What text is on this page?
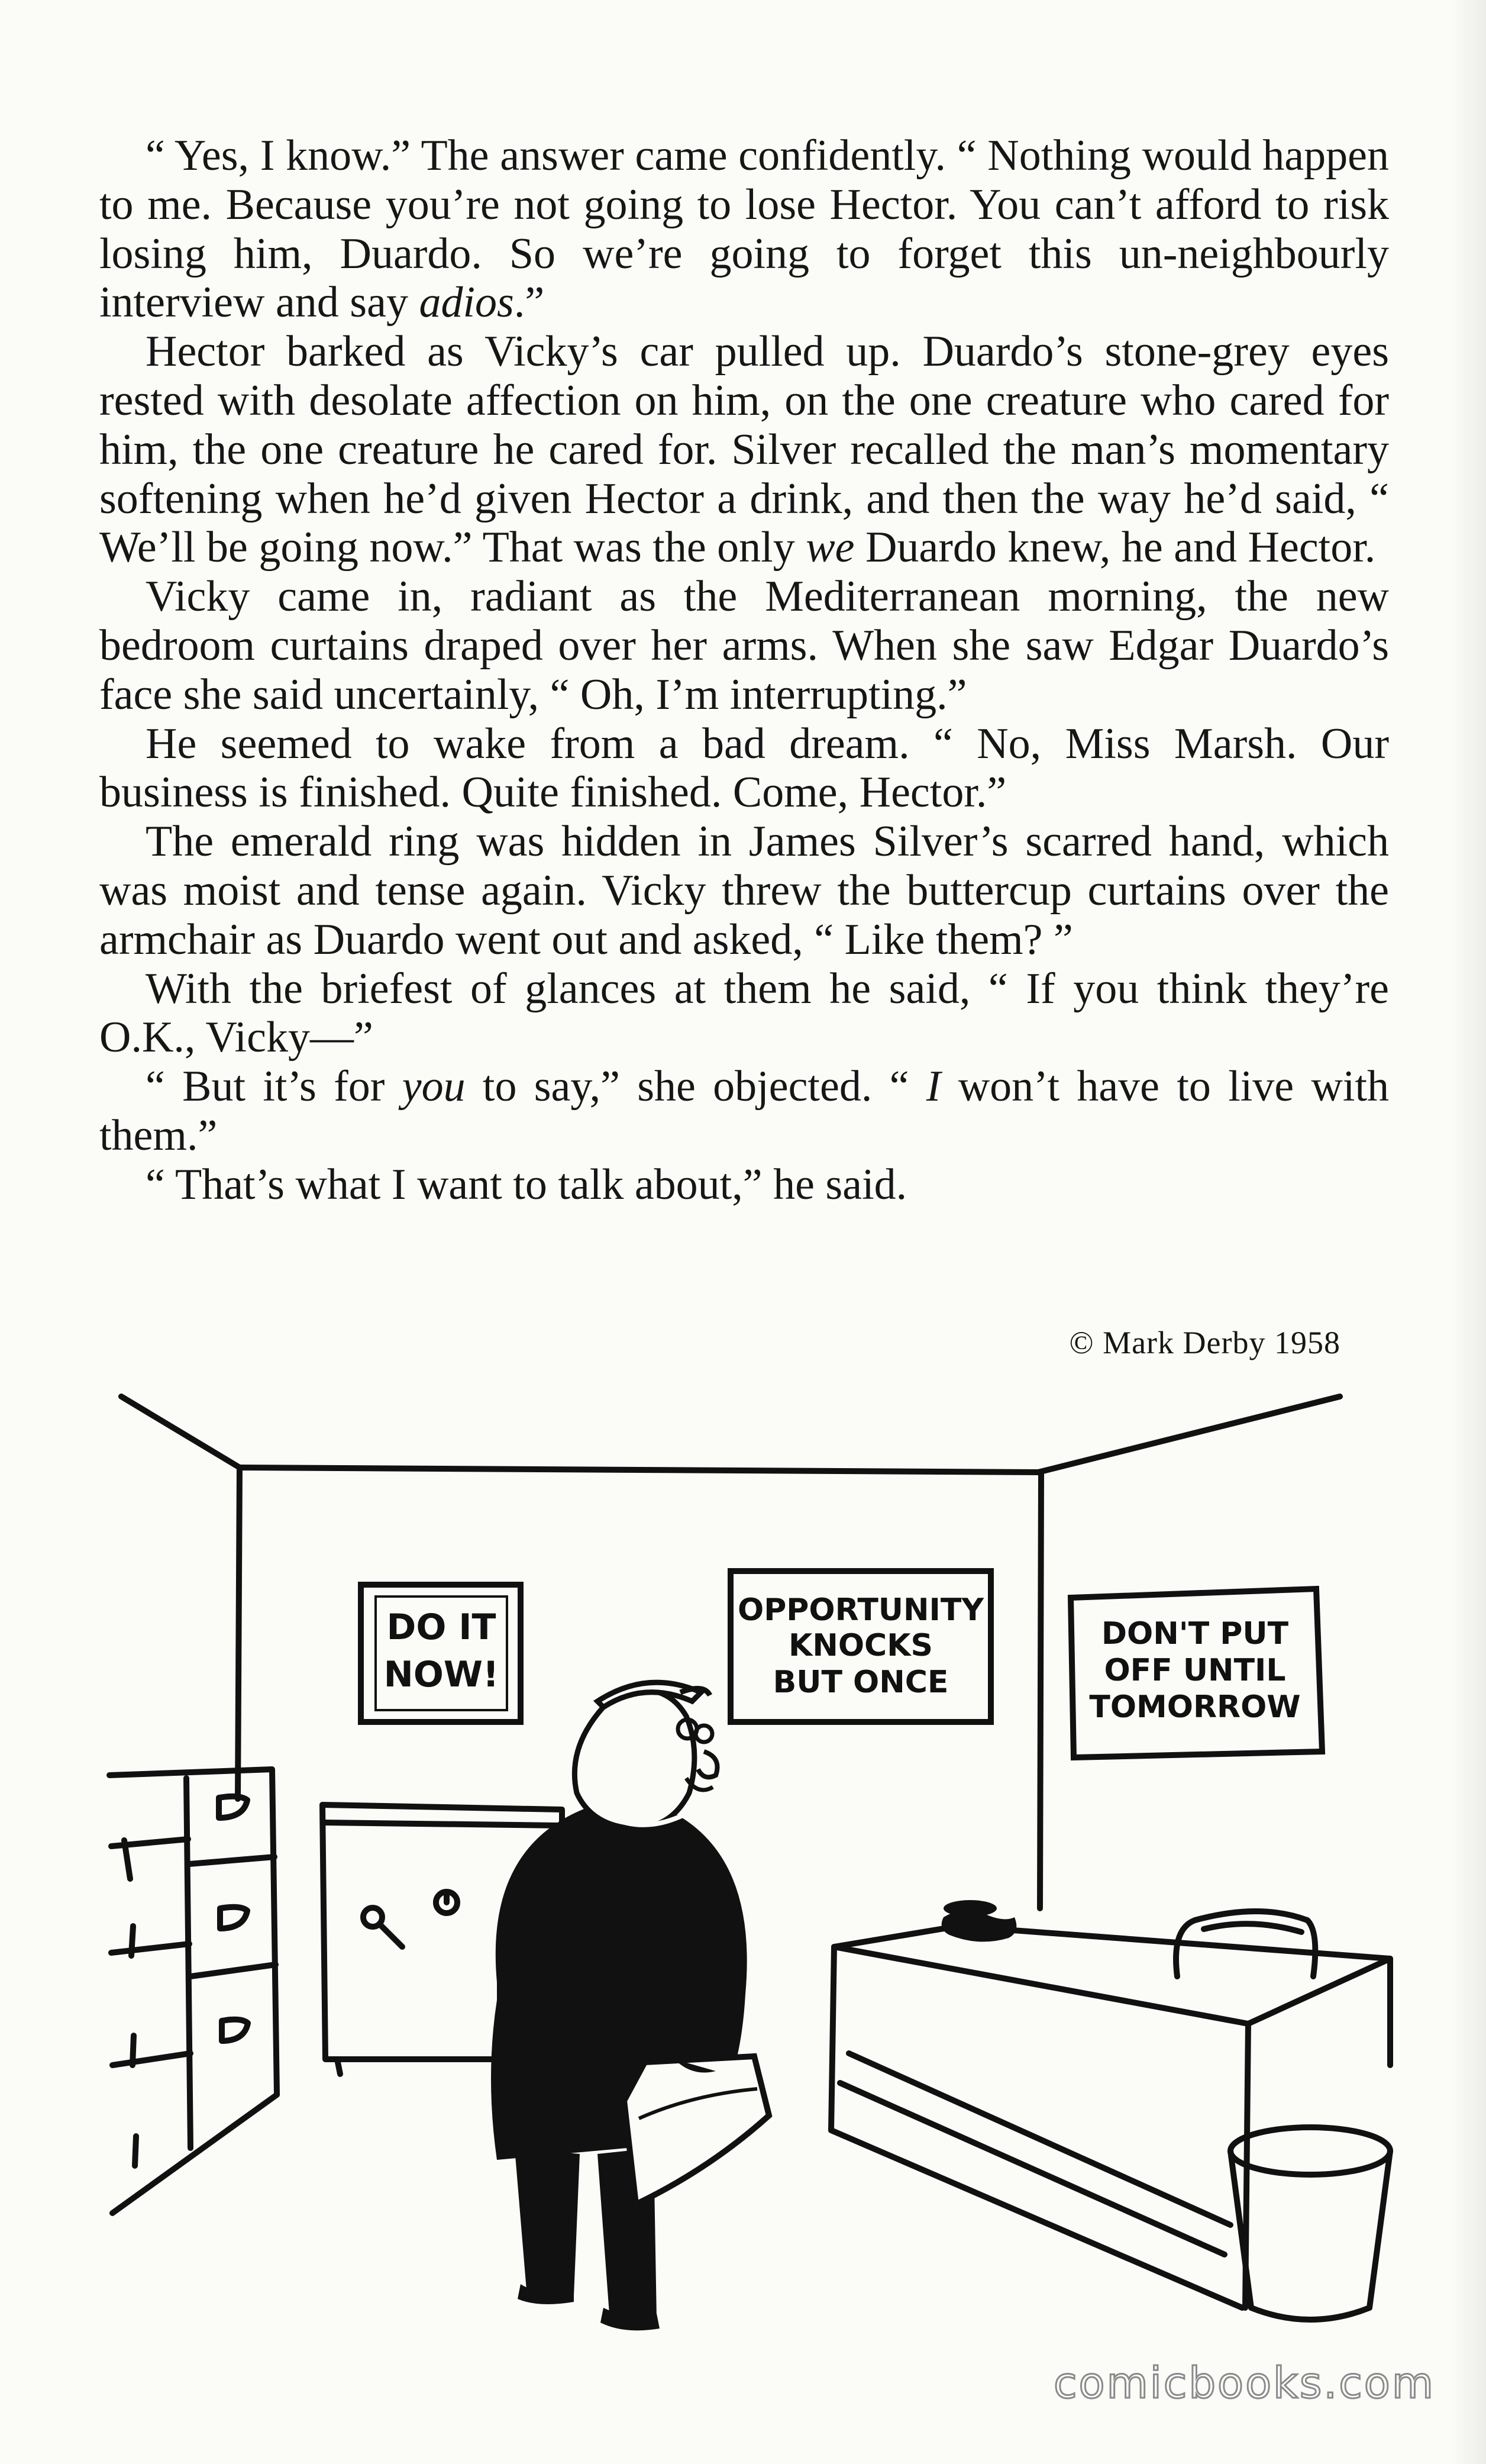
“ Yes, I know.” The answer came confidently. “ Nothing would happen to me. Because you’re not going to lose Hector. You can’t afford to risk losing him, Duardo. So we’re going to forget this un-neighbourly interview and say adios.”

Hector barked as Vicky’s car pulled up. Duardo’s stone-grey eyes rested with desolate affection on him, on the one creature who cared for him, the one creature he cared for. Silver recalled the man’s momentary softening when he’d given Hector a drink, and then the way he’d said, “ We’ll be going now.” That was the only we Duardo knew, he and Hector.

Vicky came in, radiant as the Mediterranean morning, the new bedroom curtains draped over her arms. When she saw Edgar Duardo’s face she said uncertainly, “ Oh, I’m interrupting.”

He seemed to wake from a bad dream. “ No, Miss Marsh. Our business is finished. Quite finished. Come, Hector.”

The emerald ring was hidden in James Silver’s scarred hand, which was moist and tense again. Vicky threw the buttercup curtains over the armchair as Duardo went out and asked, “ Like them? ”

With the briefest of glances at them he said, “ If you think they’re O.K., Vicky—”

“ But it’s for you to say,” she objected. “ I won’t have to live with them.”

“ That’s what I want to talk about,” he said.

© Mark Derby 1958
DO IT
NOW!
OPPORTUNITY
KNOCKS
BUT ONCE
DON'T PUT
OFF UNTIL
TOMORROW
comicbooks.com
